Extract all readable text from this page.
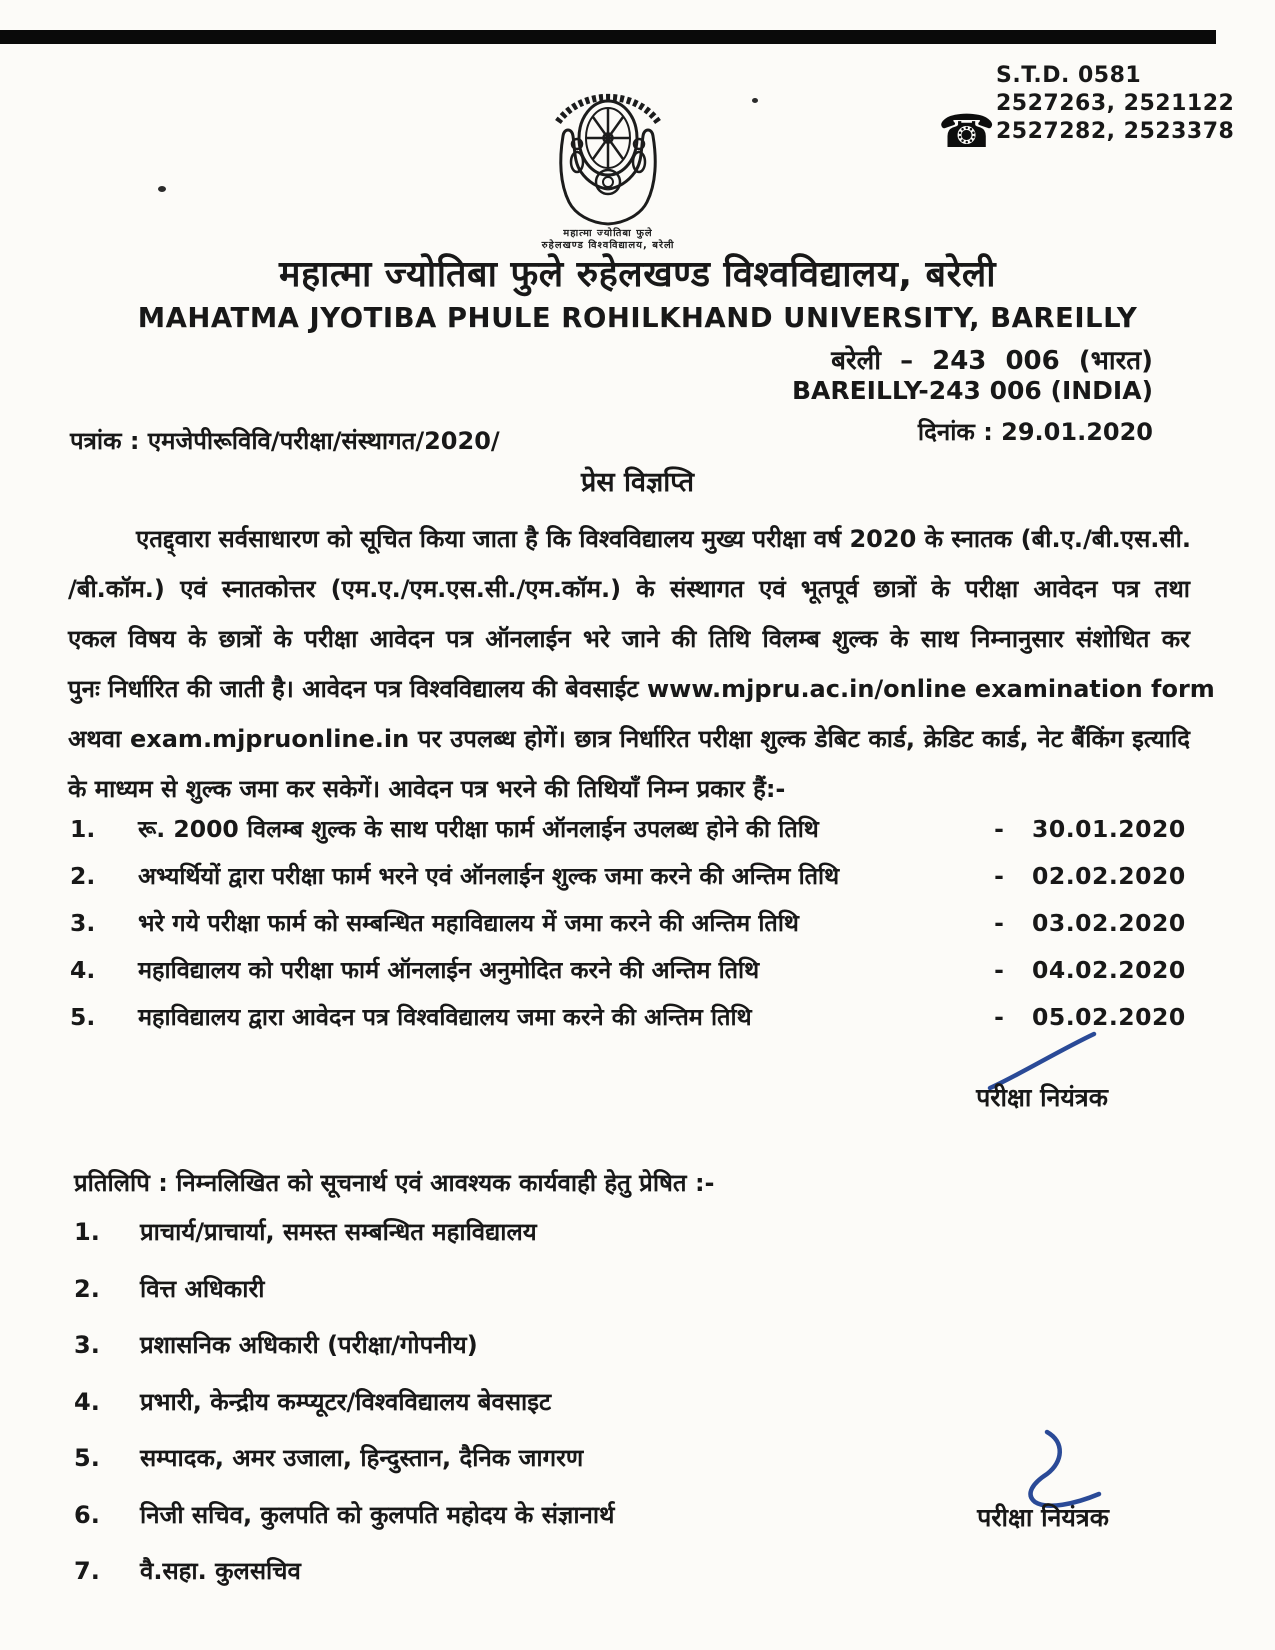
☎
S.T.D. 0581
2527263, 2521122
2527282, 2523378
महात्मा ज्योतिबा फुले
रुहेलखण्ड विश्वविद्यालय, बरेली
महात्मा ज्योतिबा फुले रुहेलखण्ड विश्वविद्यालय, बरेली
MAHATMA JYOTIBA PHULE ROHILKHAND UNIVERSITY, BAREILLY
बरेली – 243 006 (भारत)
BAREILLY-243 006 (INDIA)
पत्रांक : एमजेपीरूविवि/परीक्षा/संस्थागत/2020/	दिनांक : 29.01.2020
प्रेस विज्ञप्ति
एतद्द्वारा सर्वसाधारण को सूचित किया जाता है कि विश्वविद्यालय मुख्य परीक्षा वर्ष 2020 के स्नातक (बी.ए./बी.एस.सी.
/बी.कॉम.) एवं स्नातकोत्तर (एम.ए./एम.एस.सी./एम.कॉम.) के संस्थागत एवं भूतपूर्व छात्रों के परीक्षा आवेदन पत्र तथा
एकल विषय के छात्रों के परीक्षा आवेदन पत्र ऑनलाईन भरे जाने की तिथि विलम्ब शुल्क के साथ निम्नानुसार संशोधित कर
पुनः निर्धारित की जाती है। आवेदन पत्र विश्वविद्यालय की बेवसाईट www.mjpru.ac.in/online examination form
अथवा exam.mjpruonline.in पर उपलब्ध होगें। छात्र निर्धारित परीक्षा शुल्क डेबिट कार्ड, क्रेडिट कार्ड, नेट बैंकिंग इत्यादि
के माध्यम से शुल्क जमा कर सकेगें। आवेदन पत्र भरने की तिथियाँ निम्न प्रकार हैं:-
1.	रू. 2000 विलम्ब शुल्क के साथ परीक्षा फार्म ऑनलाईन उपलब्ध होने की तिथि	-	30.01.2020
2.	अभ्यर्थियों द्वारा परीक्षा फार्म भरने एवं ऑनलाईन शुल्क जमा करने की अन्तिम तिथि	-	02.02.2020
3.	भरे गये परीक्षा फार्म को सम्बन्धित महाविद्यालय में जमा करने की अन्तिम तिथि	-	03.02.2020
4.	महाविद्यालय को परीक्षा फार्म ऑनलाईन अनुमोदित करने की अन्तिम तिथि	-	04.02.2020
5.	महाविद्यालय द्वारा आवेदन पत्र विश्वविद्यालय जमा करने की अन्तिम तिथि	-	05.02.2020
परीक्षा नियंत्रक
प्रतिलिपि : निम्नलिखित को सूचनार्थ एवं आवश्यक कार्यवाही हेतु प्रेषित :-
1.	प्राचार्य/प्राचार्या, समस्त सम्बन्धित महाविद्यालय
2.	वित्त अधिकारी
3.	प्रशासनिक अधिकारी (परीक्षा/गोपनीय)
4.	प्रभारी, केन्द्रीय कम्प्यूटर/विश्वविद्यालय बेवसाइट
5.	सम्पादक, अमर उजाला, हिन्दुस्तान, दैनिक जागरण
6.	निजी सचिव, कुलपति को कुलपति महोदय के संज्ञानार्थ
7.	वै.सहा. कुलसचिव
परीक्षा नियंत्रक
